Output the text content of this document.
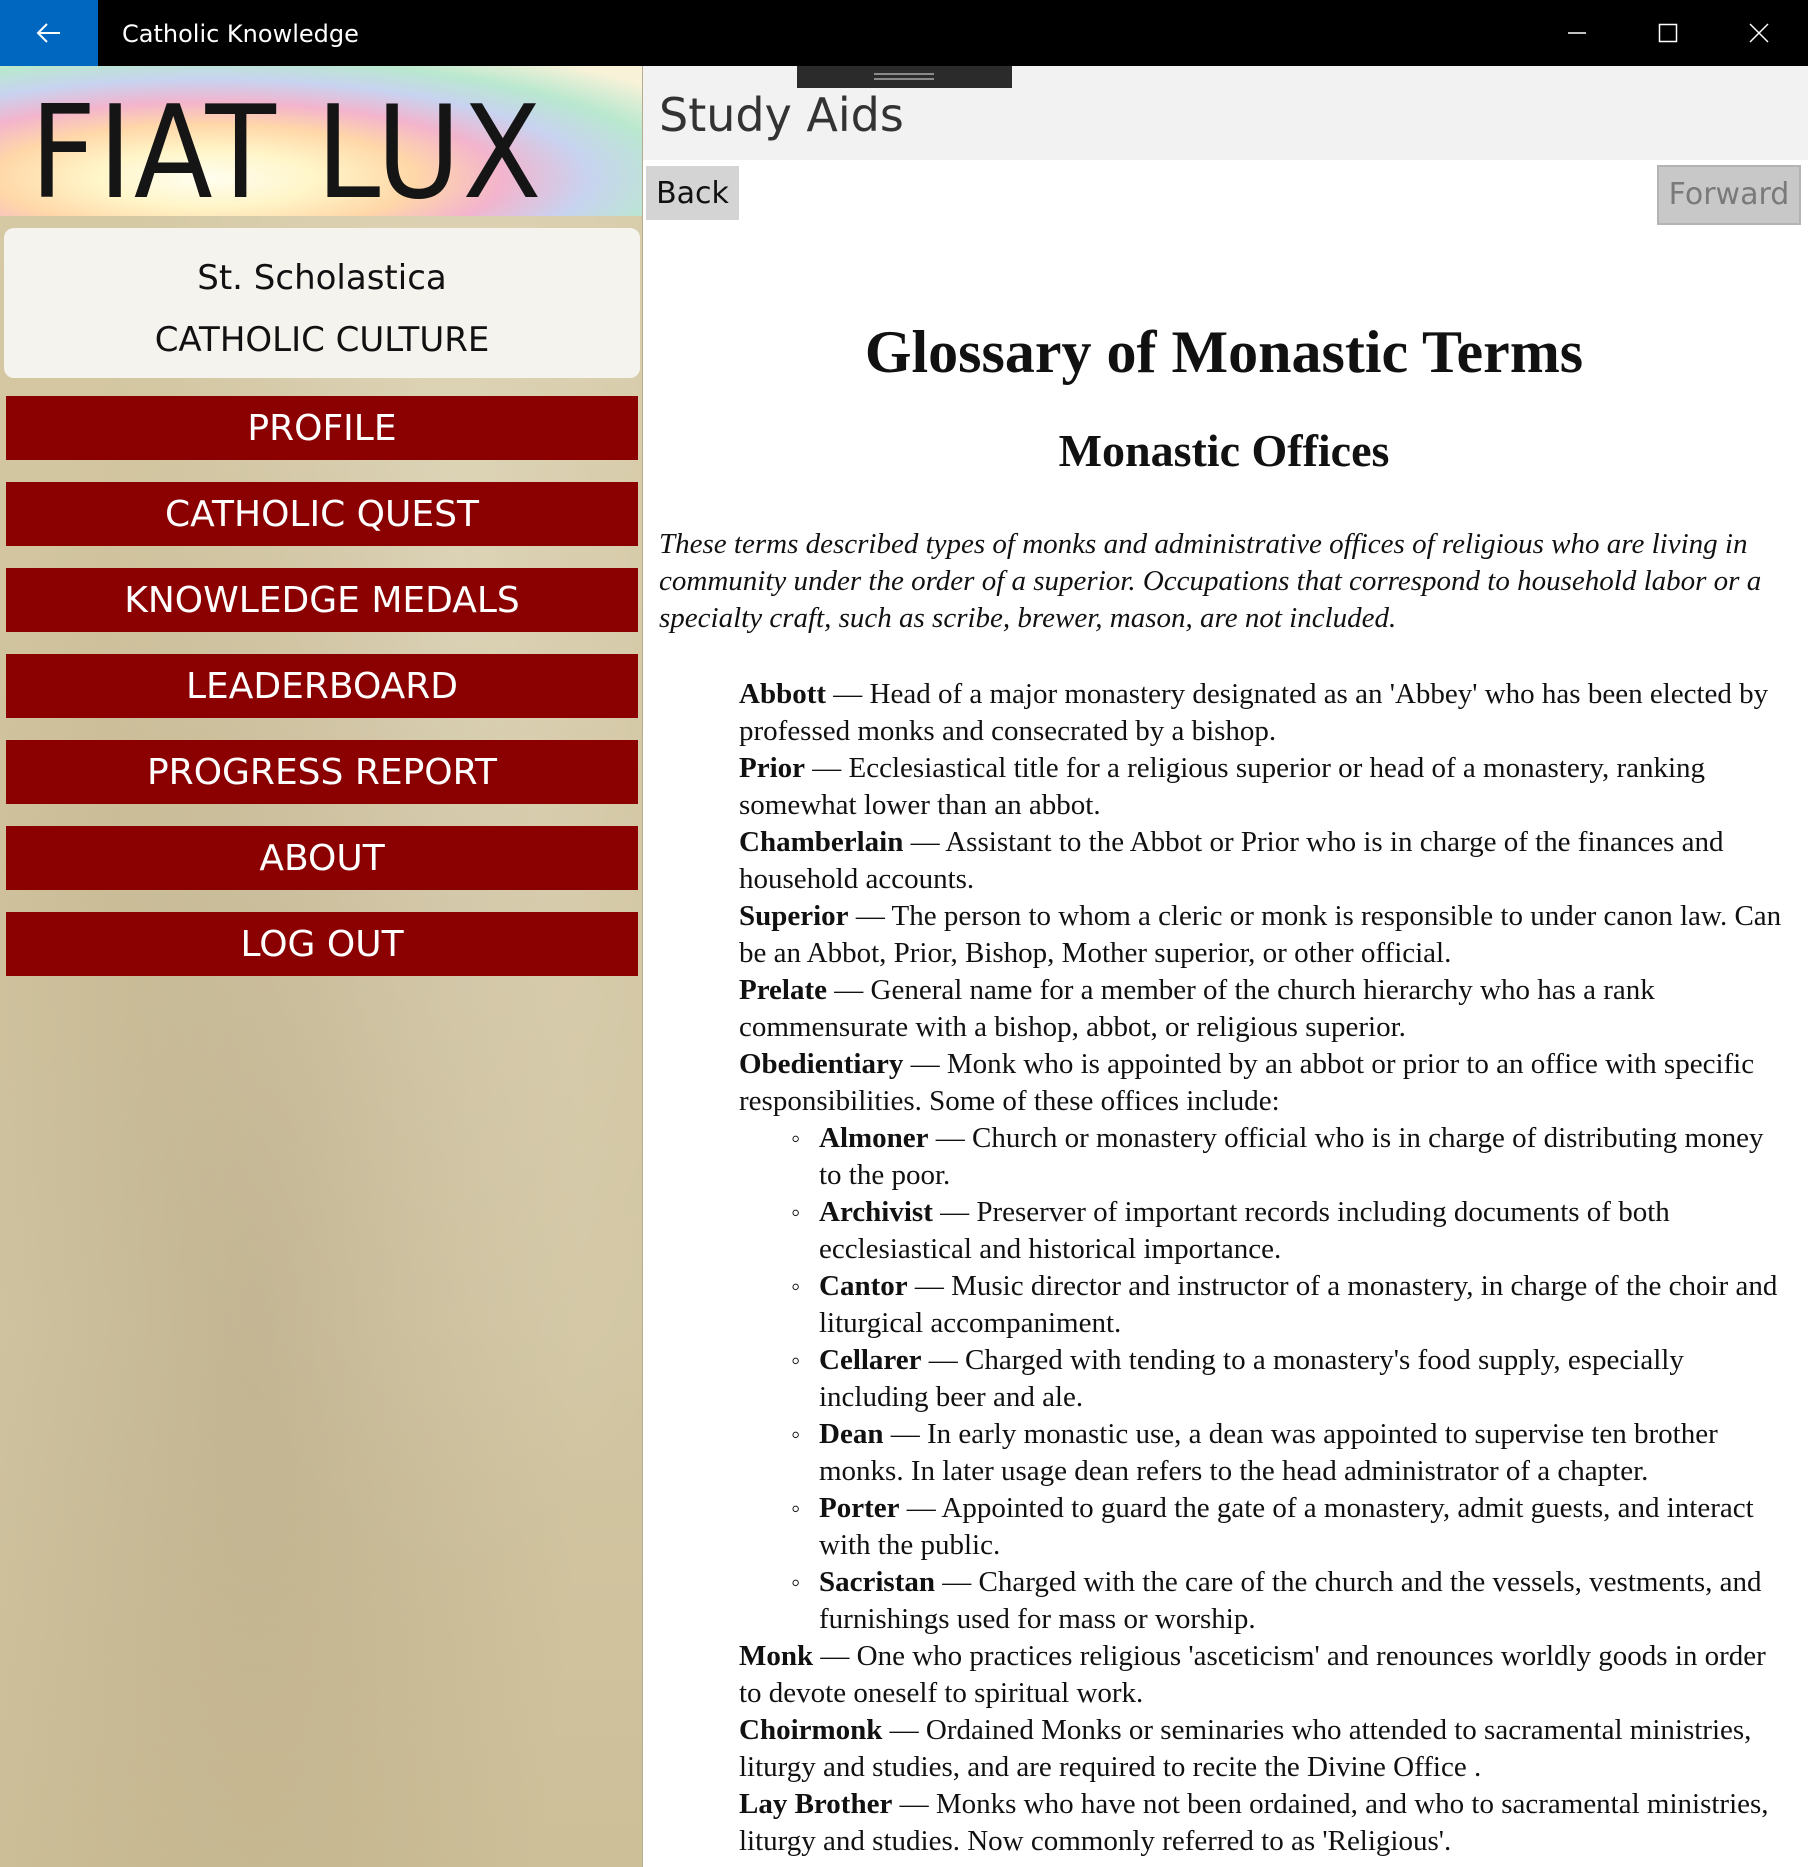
Catholic Knowledge
FIAT LUX
St. Scholastica
CATHOLIC CULTURE
PROFILE
CATHOLIC QUEST
KNOWLEDGE MEDALS
LEADERBOARD
PROGRESS REPORT
ABOUT
LOG OUT
Study Aids
Back	Forward
Glossary of Monastic Terms
Monastic Offices
These terms described types of monks and administrative offices of religious who are living in community under the order of a superior. Occupations that correspond to household labor or a specialty craft, such as scribe, brewer, mason, are not included.
Abbott — Head of a major monastery designated as an 'Abbey' who has been elected by professed monks and consecrated by a bishop.
Prior — Ecclesiastical title for a religious superior or head of a monastery, ranking somewhat lower than an abbot.
Chamberlain — Assistant to the Abbot or Prior who is in charge of the finances and household accounts.
Superior — The person to whom a cleric or monk is responsible to under canon law. Can be an Abbot, Prior, Bishop, Mother superior, or other official.
Prelate — General name for a member of the church hierarchy who has a rank commensurate with a bishop, abbot, or religious superior.
Obedientiary — Monk who is appointed by an abbot or prior to an office with specific responsibilities. Some of these offices include:
◦ Almoner — Church or monastery official who is in charge of distributing money to the poor.
◦ Archivist — Preserver of important records including documents of both ecclesiastical and historical importance.
◦ Cantor — Music director and instructor of a monastery, in charge of the choir and liturgical accompaniment.
◦ Cellarer — Charged with tending to a monastery's food supply, especially including beer and ale.
◦ Dean — In early monastic use, a dean was appointed to supervise ten brother monks. In later usage dean refers to the head administrator of a chapter.
◦ Porter — Appointed to guard the gate of a monastery, admit guests, and interact with the public.
◦ Sacristan — Charged with the care of the church and the vessels, vestments, and furnishings used for mass or worship.
Monk — One who practices religious 'asceticism' and renounces worldly goods in order to devote oneself to spiritual work.
Choirmonk — Ordained Monks or seminaries who attended to sacramental ministries, liturgy and studies, and are required to recite the Divine Office .
Lay Brother — Monks who have not been ordained, and who to sacramental ministries, liturgy and studies. Now commonly referred to as 'Religious'.
